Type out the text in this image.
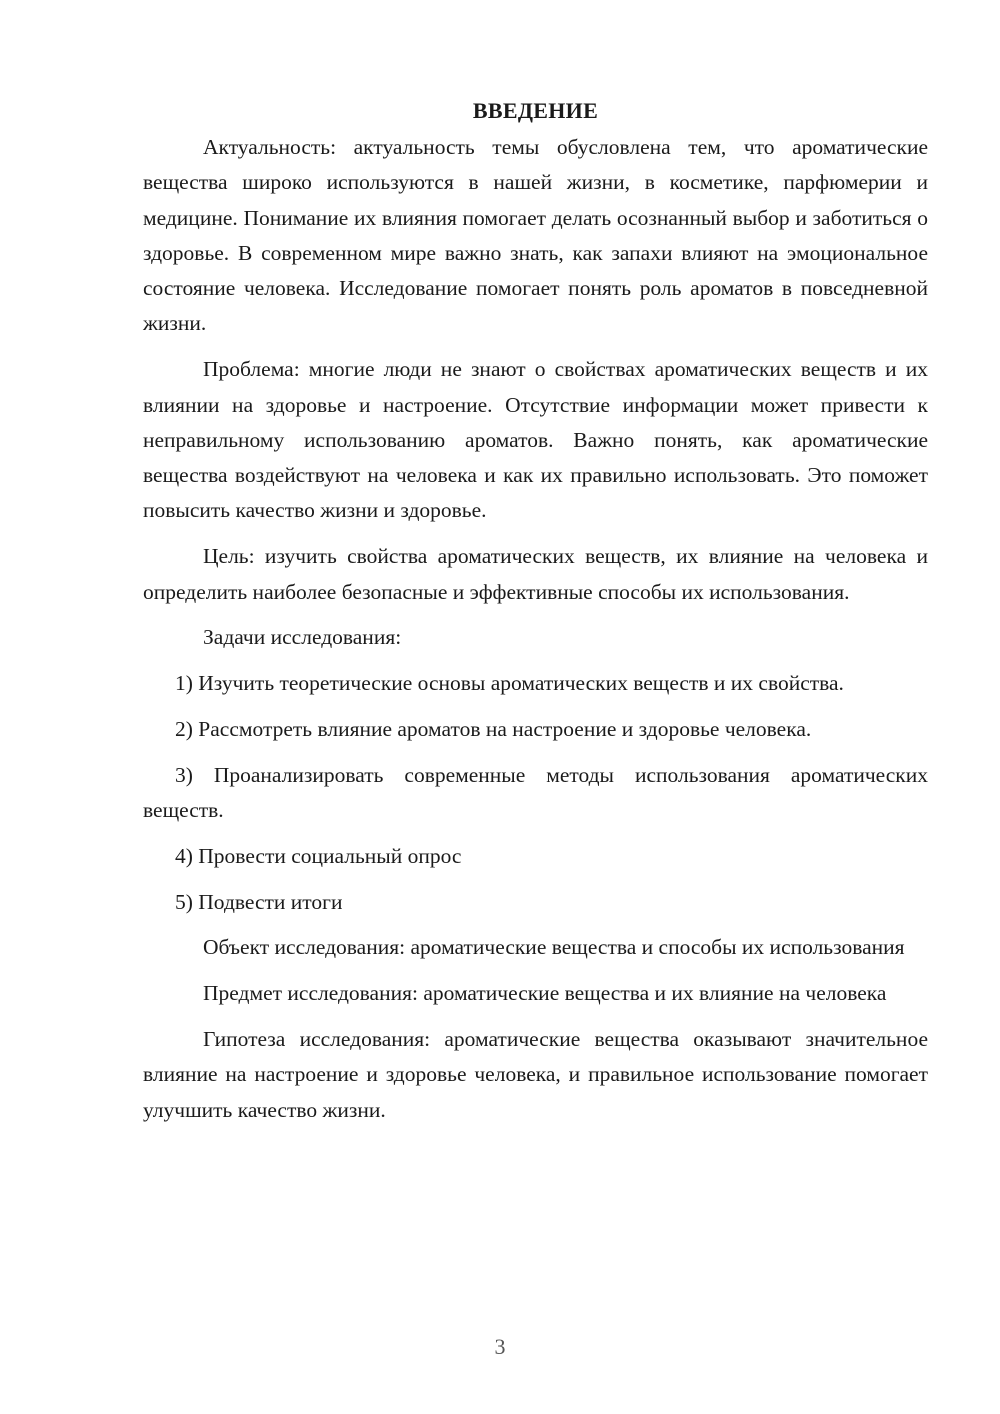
ВВЕДЕНИЕ

Актуальность: актуальность темы обусловлена тем, что ароматические вещества широко используются в нашей жизни, в косметике, парфюмерии и медицине. Понимание их влияния помогает делать осознанный выбор и заботиться о здоровье. В современном мире важно знать, как запахи влияют на эмоциональное состояние человека. Исследование помогает понять роль ароматов в повседневной жизни.

Проблема: многие люди не знают о свойствах ароматических веществ и их влиянии на здоровье и настроение. Отсутствие информации может привести к неправильному использованию ароматов. Важно понять, как ароматические вещества воздействуют на человека и как их правильно использовать. Это поможет повысить качество жизни и здоровье.

Цель: изучить свойства ароматических веществ, их влияние на человека и определить наиболее безопасные и эффективные способы их использования.

Задачи исследования:

1) Изучить теоретические основы ароматических веществ и их свойства.

2) Рассмотреть влияние ароматов на настроение и здоровье человека.

3) Проанализировать современные методы использования ароматических веществ.

4) Провести социальный опрос

5) Подвести итоги

Объект исследования: ароматические вещества и способы их использования

Предмет исследования: ароматические вещества и их влияние на человека

Гипотеза исследования: ароматические вещества оказывают значительное влияние на настроение и здоровье человека, и правильное использование помогает улучшить качество жизни.

3
